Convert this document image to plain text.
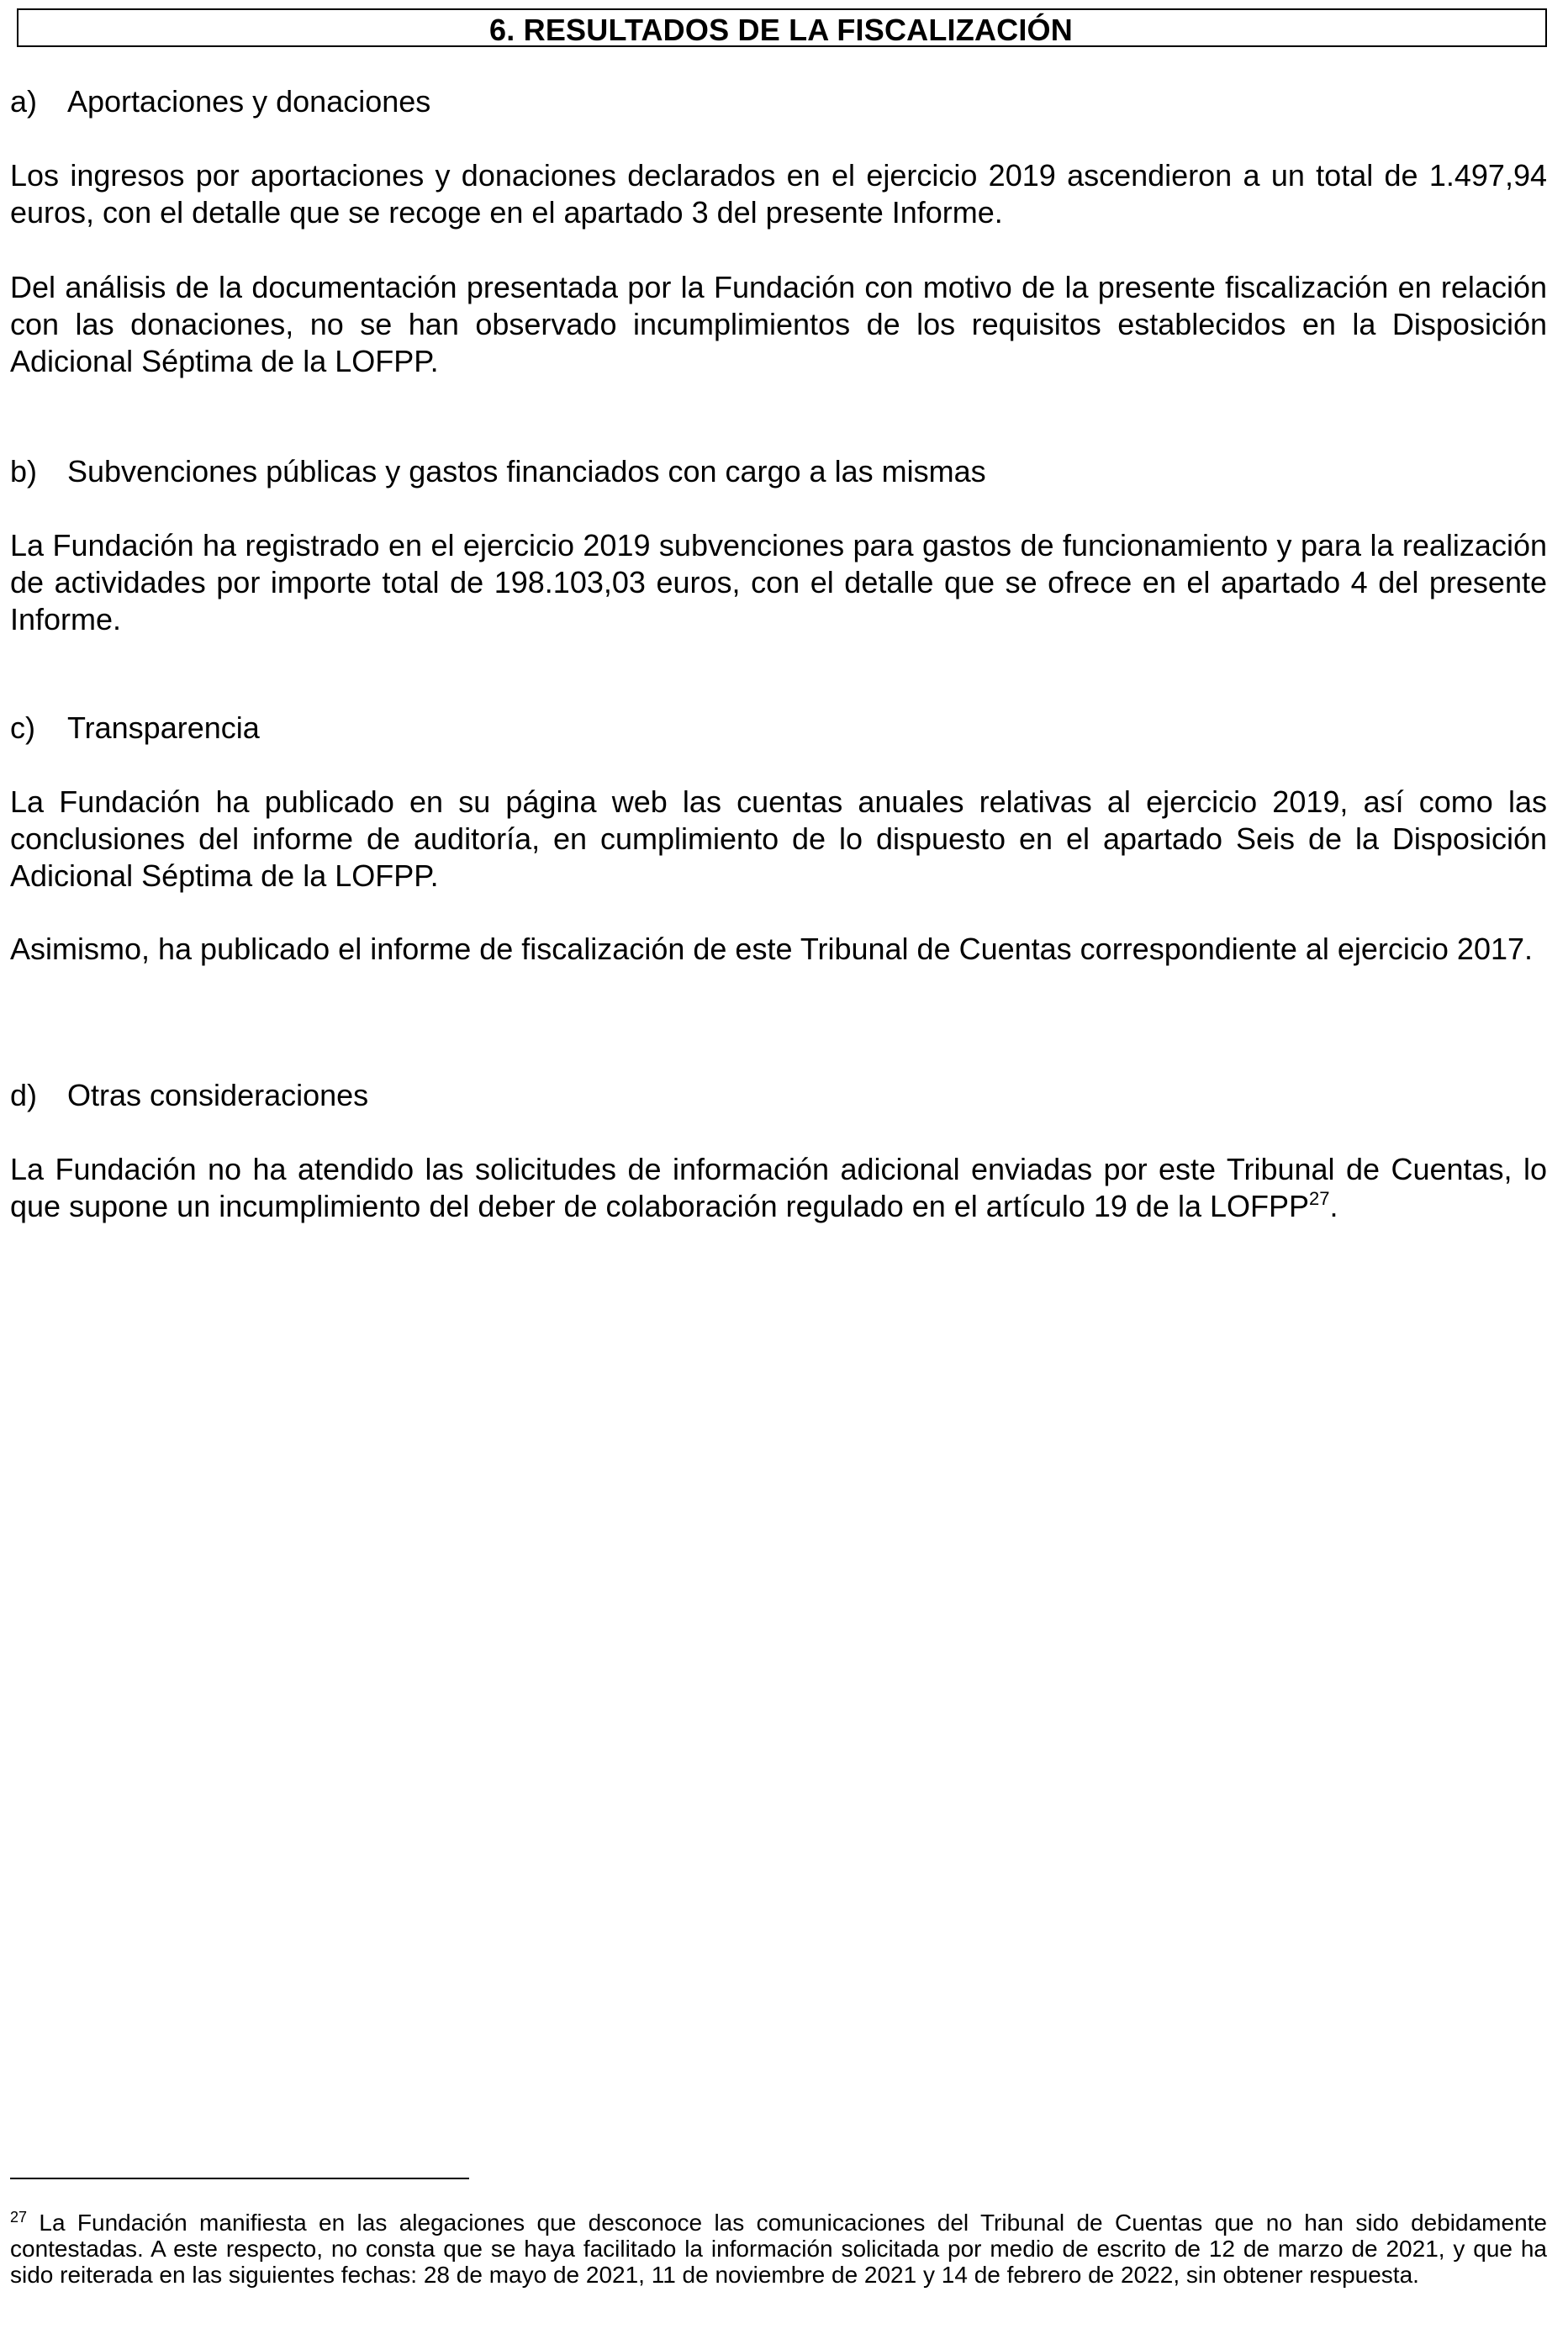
6. RESULTADOS DE LA FISCALIZACIÓN
a) Aportaciones y donaciones

Los ingresos por aportaciones y donaciones declarados en el ejercicio 2019 ascendieron a un total de 1.497,94 euros, con el detalle que se recoge en el apartado 3 del presente Informe.

Del análisis de la documentación presentada por la Fundación con motivo de la presente fiscalización en relación con las donaciones, no se han observado incumplimientos de los requisitos establecidos en la Disposición Adicional Séptima de la LOFPP.

b) Subvenciones públicas y gastos financiados con cargo a las mismas

La Fundación ha registrado en el ejercicio 2019 subvenciones para gastos de funcionamiento y para la realización de actividades por importe total de 198.103,03 euros, con el detalle que se ofrece en el apartado 4 del presente Informe.

c) Transparencia

La Fundación ha publicado en su página web las cuentas anuales relativas al ejercicio 2019, así como las conclusiones del informe de auditoría, en cumplimiento de lo dispuesto en el apartado Seis de la Disposición Adicional Séptima de la LOFPP.

Asimismo, ha publicado el informe de fiscalización de este Tribunal de Cuentas correspondiente al ejercicio 2017.

d) Otras consideraciones

La Fundación no ha atendido las solicitudes de información adicional enviadas por este Tribunal de Cuentas, lo que supone un incumplimiento del deber de colaboración regulado en el artículo 19 de la LOFPP$^{27}$.

$^{27}$ La Fundación manifiesta en las alegaciones que desconoce las comunicaciones del Tribunal de Cuentas que no han sido debidamente contestadas. A este respecto, no consta que se haya facilitado la información solicitada por medio de escrito de 12 de marzo de 2021, y que ha sido reiterada en las siguientes fechas: 28 de mayo de 2021, 11 de noviembre de 2021 y 14 de febrero de 2022, sin obtener respuesta.
